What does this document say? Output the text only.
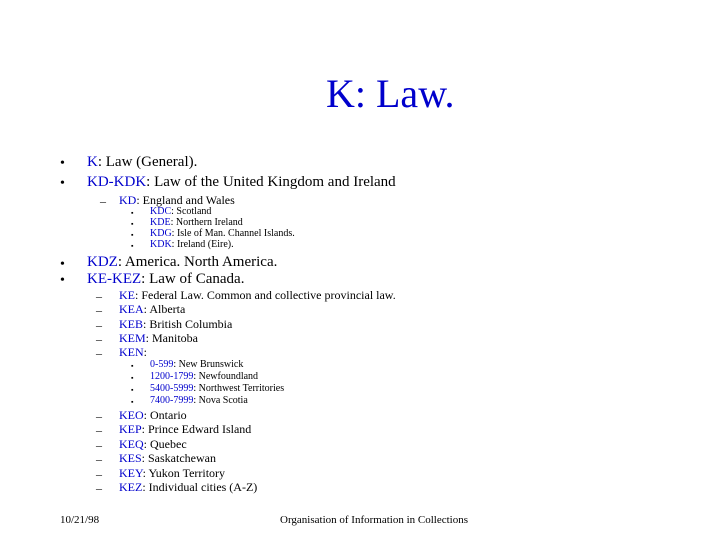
K: Law.
• K: Law (General).
• KD-KDK: Law of the United Kingdom and Ireland
– KD: England and Wales
▪ KDC: Scotland
▪ KDE: Northern Ireland
▪ KDG: Isle of Man. Channel Islands.
▪ KDK: Ireland (Eire).
• KDZ: America. North America.
• KE-KEZ: Law of Canada.
– KE: Federal Law. Common and collective provincial law.
– KEA: Alberta
– KEB: British Columbia
– KEM: Manitoba
– KEN:
▪ 0-599: New Brunswick
▪ 1200-1799: Newfoundland
▪ 5400-5999: Northwest Territories
▪ 7400-7999: Nova Scotia
– KEO: Ontario
– KEP: Prince Edward Island
– KEQ: Quebec
– KES: Saskatchewan
– KEY: Yukon Territory
– KEZ: Individual cities (A-Z)
10/21/98	Organisation of Information in Collections
